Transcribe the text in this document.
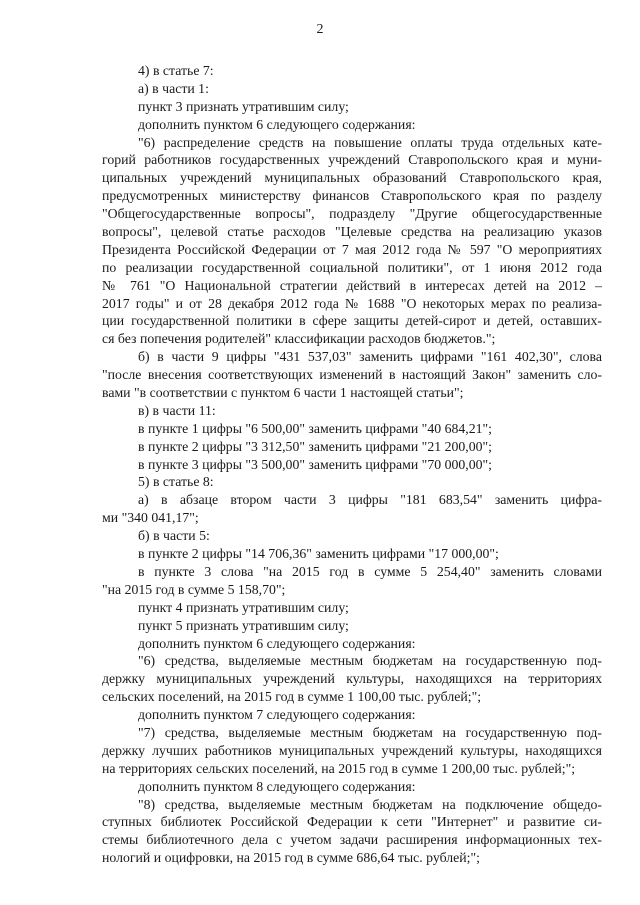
2
4) в статье 7:
а) в части 1:
пункт 3 признать утратившим силу;
дополнить пунктом 6 следующего содержания:
"6) распределение средств на повышение оплаты труда отдельных кате-
горий работников государственных учреждений Ставропольского края и муни-
ципальных учреждений муниципальных образований Ставропольского края,
предусмотренных министерству финансов Ставропольского края по разделу
"Общегосударственные вопросы", подразделу "Другие общегосударственные
вопросы", целевой статье расходов "Целевые средства на реализацию указов
Президента Российской Федерации от 7 мая 2012 года № 597 "О мероприятиях
по реализации государственной социальной политики", от 1 июня 2012 года
№ 761 "О Национальной стратегии действий в интересах детей на 2012 –
2017 годы" и от 28 декабря 2012 года № 1688 "О некоторых мерах по реализа-
ции государственной политики в сфере защиты детей-сирот и детей, оставших-
ся без попечения родителей" классификации расходов бюджетов.";
б) в части 9 цифры "431 537,03" заменить цифрами "161 402,30", слова
"после внесения соответствующих изменений в настоящий Закон" заменить сло-
вами "в соответствии с пунктом 6 части 1 настоящей статьи";
в) в части 11:
в пункте 1 цифры "6 500,00" заменить цифрами "40 684,21";
в пункте 2 цифры "3 312,50" заменить цифрами "21 200,00";
в пункте 3 цифры "3 500,00" заменить цифрами "70 000,00";
5) в статье 8:
а) в абзаце втором части 3 цифры "181 683,54" заменить цифра-
ми "340 041,17";
б) в части 5:
в пункте 2 цифры "14 706,36" заменить цифрами "17 000,00";
в пункте 3 слова "на 2015 год в сумме 5 254,40" заменить словами
"на 2015 год в сумме 5 158,70";
пункт 4 признать утратившим силу;
пункт 5 признать утратившим силу;
дополнить пунктом 6 следующего содержания:
"6) средства, выделяемые местным бюджетам на государственную под-
держку муниципальных учреждений культуры, находящихся на территориях
сельских поселений, на 2015 год в сумме 1 100,00 тыс. рублей;";
дополнить пунктом 7 следующего содержания:
"7) средства, выделяемые местным бюджетам на государственную под-
держку лучших работников муниципальных учреждений культуры, находящихся
на территориях сельских поселений, на 2015 год в сумме 1 200,00 тыс. рублей;";
дополнить пунктом 8 следующего содержания:
"8) средства, выделяемые местным бюджетам на подключение общедо-
ступных библиотек Российской Федерации к сети "Интернет" и развитие си-
стемы библиотечного дела с учетом задачи расширения информационных тех-
нологий и оцифровки, на 2015 год в сумме 686,64 тыс. рублей;";
